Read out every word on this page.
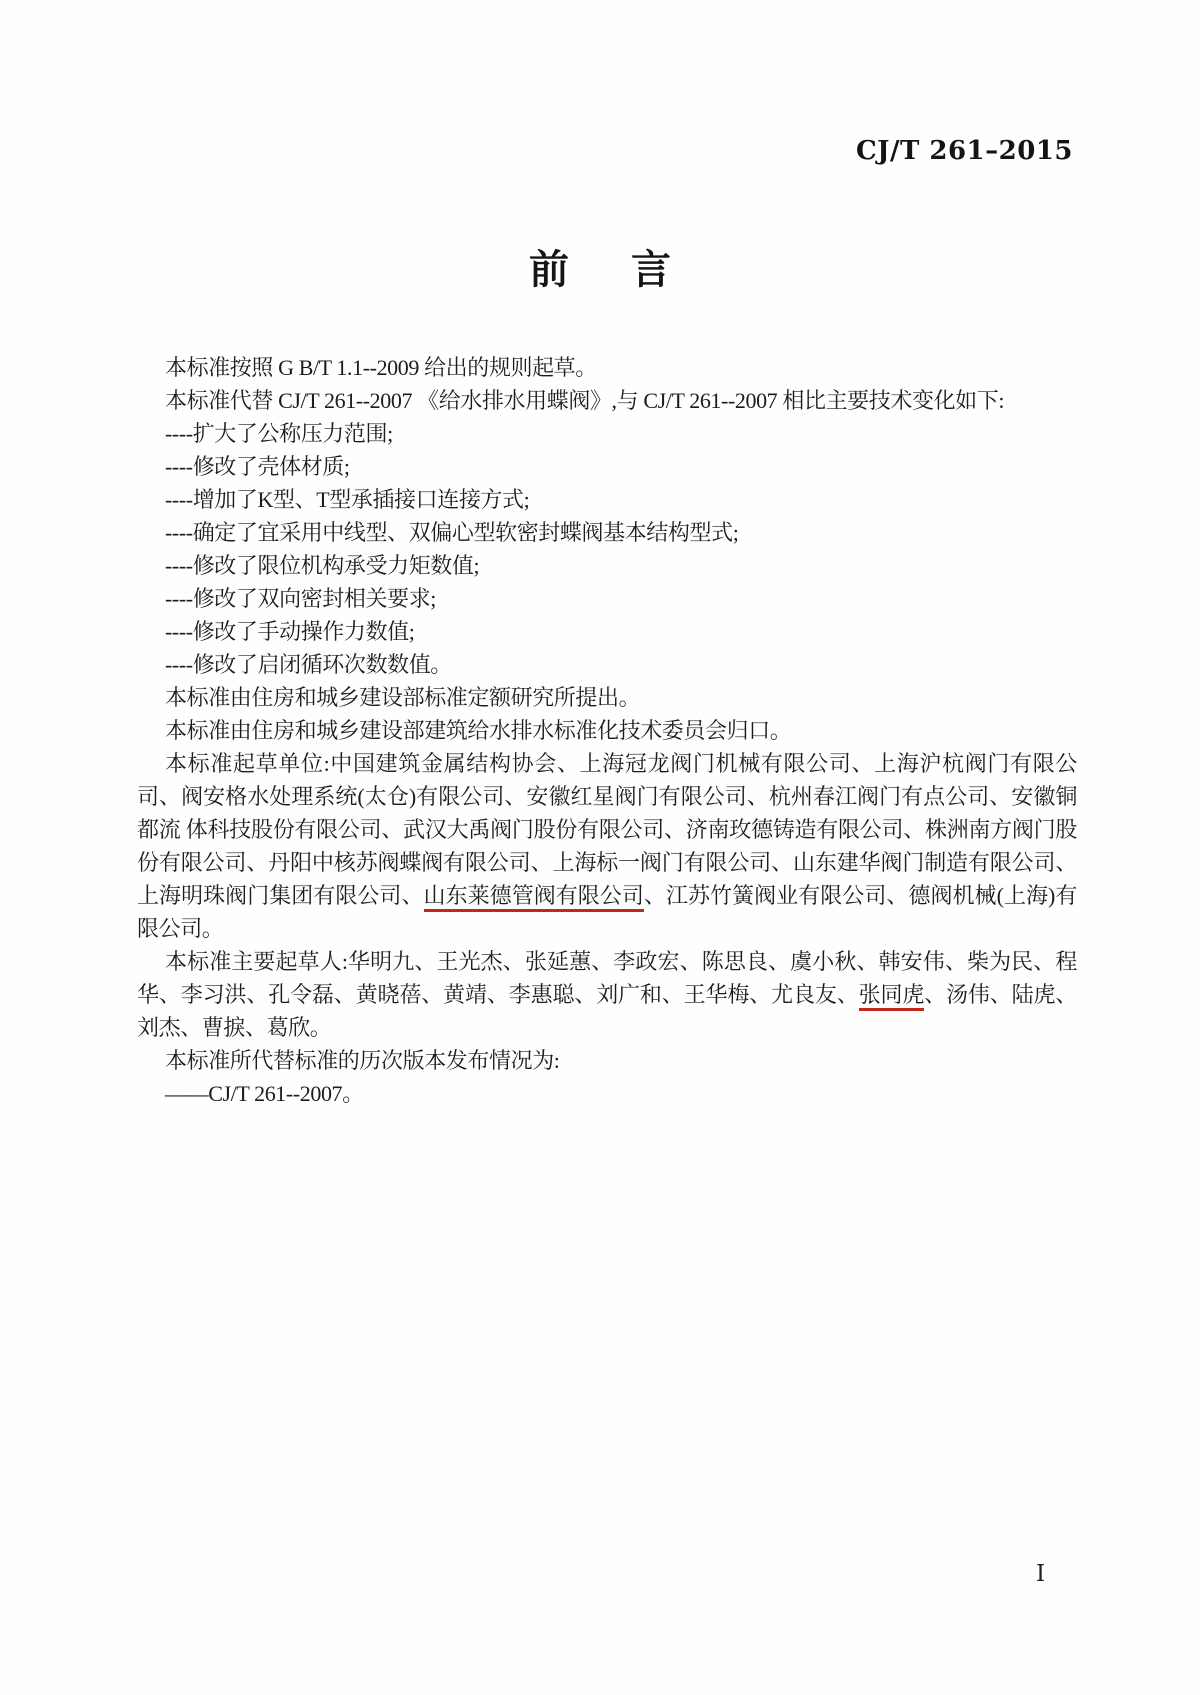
CJ/T 261–2015
前 言

本标准按照 G B/T 1.1--2009 给出的规则起草。

本标准代替 CJ/T 261--2007 《给水排水用蝶阀》,与 CJ/T 261--2007 相比主要技术变化如下:

----扩大了公称压力范围;

----修改了壳体材质;

----增加了K型、T型承插接口连接方式;

----确定了宜采用中线型、双偏心型软密封蝶阀基本结构型式;

----修改了限位机构承受力矩数值;

----修改了双向密封相关要求;

----修改了手动操作力数值;

----修改了启闭循环次数数值。

本标准由住房和城乡建设部标准定额研究所提出。

本标准由住房和城乡建设部建筑给水排水标准化技术委员会归口。

本标准起草单位:中国建筑金属结构协会、上海冠龙阀门机械有限公司、上海沪杭阀门有限公司、阀安格水处理系统(太仓)有限公司、安徽红星阀门有限公司、杭州春江阀门有点公司、安徽铜都流 体科技股份有限公司、武汉大禹阀门股份有限公司、济南玫德铸造有限公司、株洲南方阀门股份有限公司、丹阳中核苏阀蝶阀有限公司、上海标一阀门有限公司、山东建华阀门制造有限公司、上海明珠阀门集团有限公司、山东莱德管阀有限公司、江苏竹簧阀业有限公司、德阀机械(上海)有限公司。

本标准主要起草人:华明九、王光杰、张延蕙、李政宏、陈思良、虞小秋、韩安伟、柴为民、程华、李习洪、孔令磊、黄晓蓓、黄靖、李惠聪、刘广和、王华梅、尤良友、张同虎、汤伟、陆虎、刘杰、曹捩、葛欣。

本标准所代替标准的历次版本发布情况为:

——CJ/T 261--2007。

I
